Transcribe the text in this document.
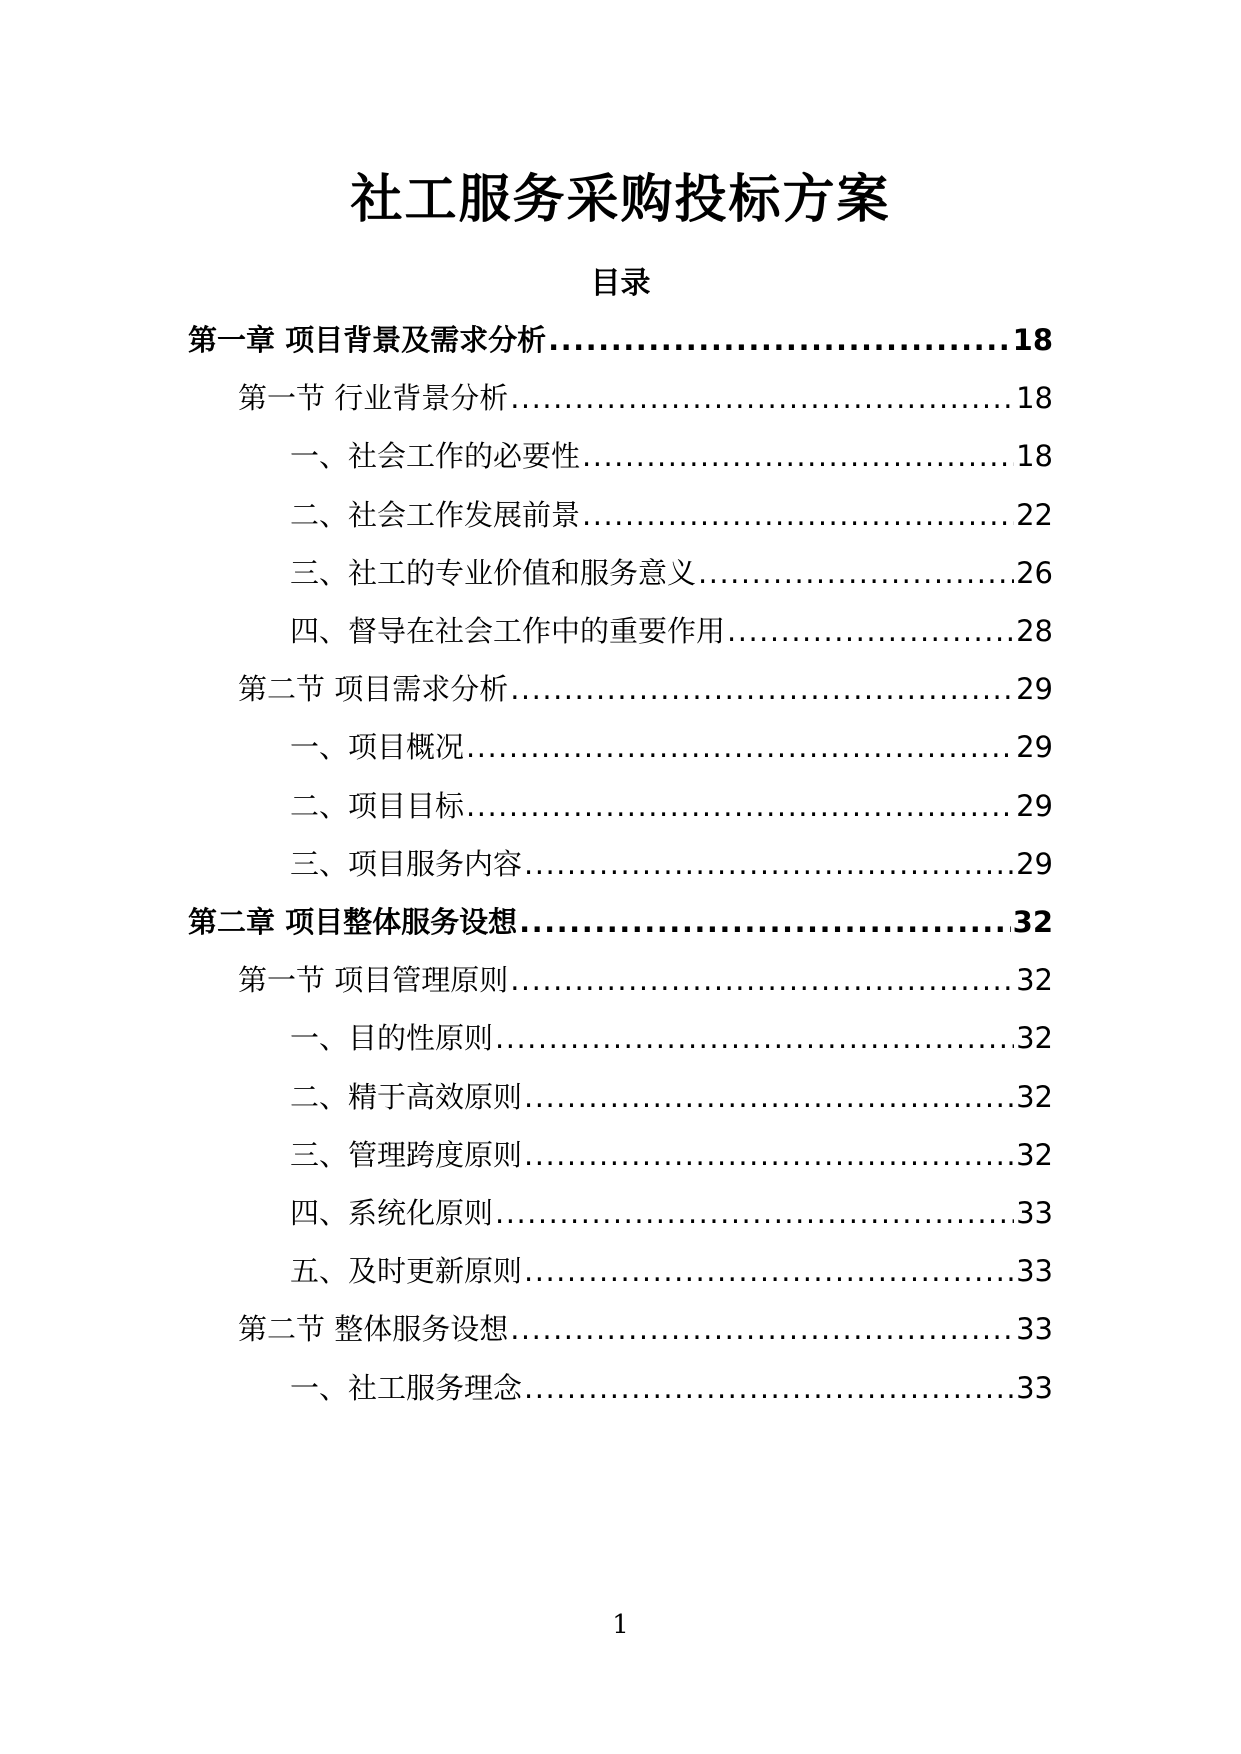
社工服务采购投标方案
目录
第一章 项目背景及需求分析 .....	18
第一节 行业背景分析 .....	18
一、社会工作的必要性 .....	18
二、社会工作发展前景 .....	22
三、社工的专业价值和服务意义 .....	26
四、督导在社会工作中的重要作用 .....	28
第二节 项目需求分析 .....	29
一、项目概况 .....	29
二、项目目标 .....	29
三、项目服务内容 .....	29
第二章 项目整体服务设想 .....	32
第一节 项目管理原则 .....	32
一、目的性原则 .....	32
二、精于高效原则 .....	32
三、管理跨度原则 .....	32
四、系统化原则 .....	33
五、及时更新原则 .....	33
第二节 整体服务设想 .....	33
一、社工服务理念 .....	33
1
